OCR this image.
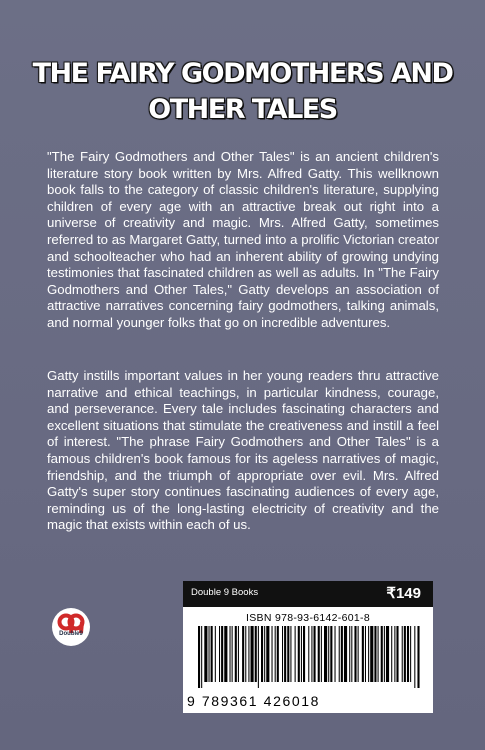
THE FAIRY GODMOTHERS AND
OTHER TALES

"The Fairy Godmothers and Other Tales" is an ancient children's literature story book written by Mrs. Alfred Gatty. This wellknown book falls to the category of classic children's literature, supplying children of every age with an attractive break out right into a universe of creativity and magic. Mrs. Alfred Gatty, sometimes referred to as Margaret Gatty, turned into a prolific Victorian creator and schoolteacher who had an inherent ability of growing undying testimonies that fascinated children as well as adults. In "The Fairy Godmothers and Other Tales," Gatty develops an association of attractive narratives concerning fairy godmothers, talking animals, and normal younger folks that go on incredible adventures.

Gatty instills important values in her young readers thru attractive narrative and ethical teachings, in particular kindness, courage, and perseverance. Every tale includes fascinating characters and excellent situations that stimulate the creativeness and instill a feel of interest. "The phrase Fairy Godmothers and Other Tales" is a famous children's book famous for its ageless narratives of magic, friendship, and the triumph of appropriate over evil. Mrs. Alfred Gatty's super story continues fascinating audiences of every age, reminding us of the long-lasting electricity of creativity and the magic that exists within each of us.

Double9
Double 9 Books	₹149
ISBN 978-93-6142-601-8
9 789361 426018
